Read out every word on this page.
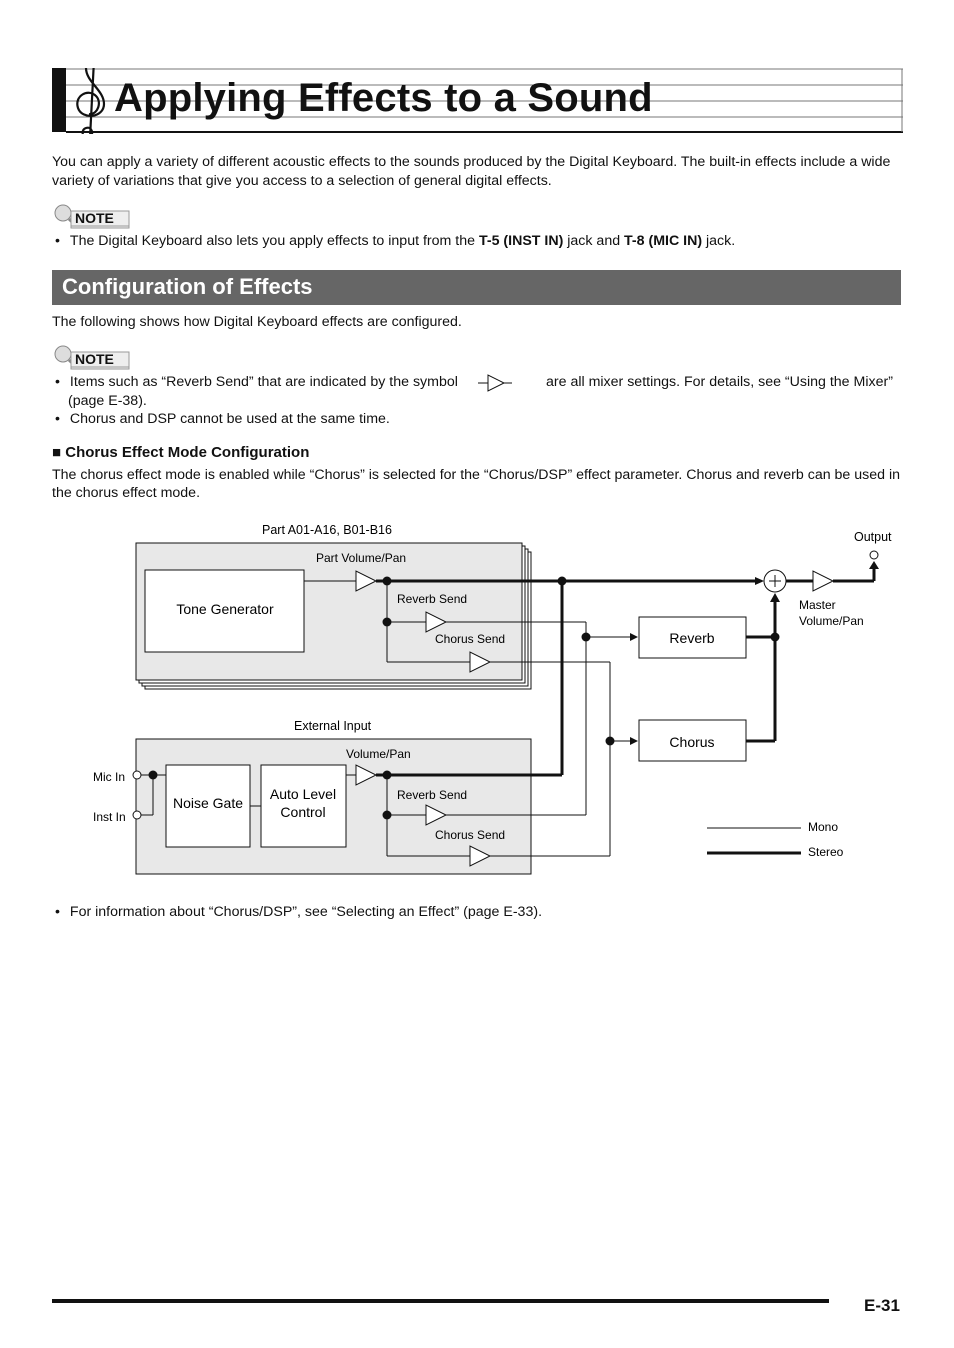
Applying Effects to a Sound

You can apply a variety of different acoustic effects to the sounds produced by the Digital Keyboard. The built-in effects include a wide variety of variations that give you access to a selection of general digital effects.

NOTE
• The Digital Keyboard also lets you apply effects to input from the T-5 (INST IN) jack and T-8 (MIC IN) jack.
Configuration of Effects

The following shows how Digital Keyboard effects are configured.

NOTE
• Items such as “Reverb Send” that are indicated by the symbol	are all mixer settings. For details, see “Using the Mixer”
(page E-38).
• Chorus and DSP cannot be used at the same time.
■ Chorus Effect Mode Configuration

The chorus effect mode is enabled while “Chorus” is selected for the “Chorus/DSP” effect parameter. Chorus and reverb can be used in the chorus effect mode.

Part A01-A16, B01-B16
Part Volume/Pan
Tone Generator
Reverb Send
Chorus Send
External Input
Volume/Pan
Noise Gate
Auto Level
Control
Mic In
Inst In
Reverb Send
Chorus Send
Reverb
Chorus
Output
Master
Volume/Pan
Mono
Stereo
• For information about “Chorus/DSP”, see “Selecting an Effect” (page E-33).
E-31
